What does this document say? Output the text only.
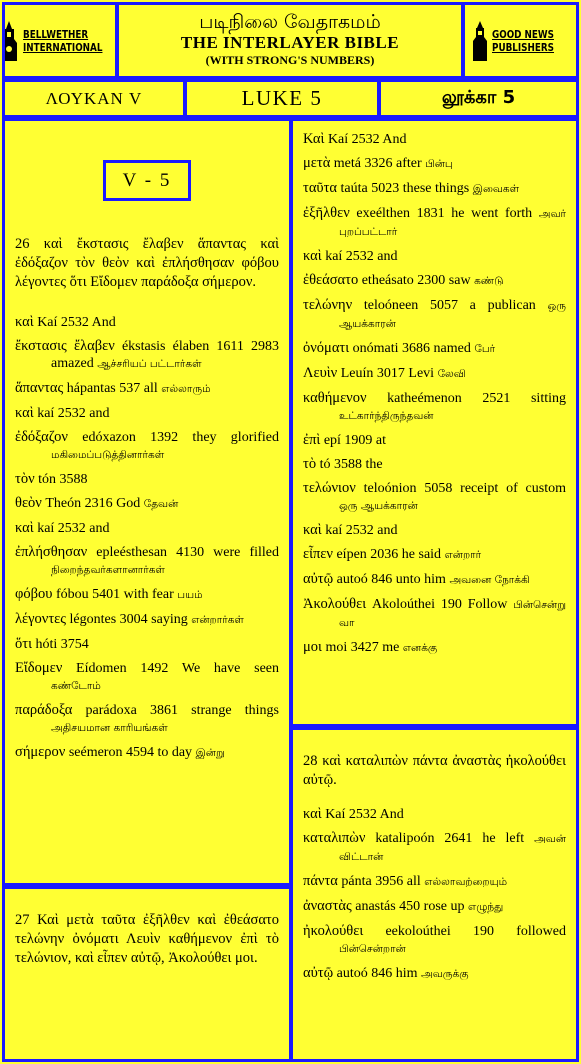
BELLWETHER
INTERNATIONAL
படிநிலை வேதாகமம்
THE INTERLAYER BIBLE
(WITH STRONG'S NUMBERS)
GOOD NEWS
PUBLISHERS
ΛΟΥΚΑΝ V	LUKE 5	லூக்கா 5
V - 5

26 καὶ ἔκστασις ἔλαβεν ἅπαντας καὶ ἐδόξαζον τὸν θεὸν καὶ ἐπλήσθησαν φόβου λέγοντες ὅτι Εἴδομεν παράδοξα σήμερον.

καὶ Kaí 2532 And
ἔκστασις ἔλαβεν ékstasis élaben 1611 2983 amazed ஆச்சரியப் பட்டார்கள்
ἅπαντας hápantas 537 all எல்லாரும்
καὶ kaí 2532 and
ἐδόξαζον edóxazon 1392 they glorified மகிமைப்படுத்தினார்கள்
τὸν tón 3588
θεὸν Theón 2316 God தேவன்
καὶ kaí 2532 and
ἐπλήσθησαν epleésthesan 4130 were filled நிறைந்தவர்களானார்கள்
φόβου fóbou 5401 with fear பயம்
λέγοντες légontes 3004 saying என்றார்கள்
ὅτι hóti 3754
Εἴδομεν Eídomen 1492 We have seen கண்டோம்
παράδοξα parádoxa 3861 strange things அதிசயமான காரியங்கள்
σήμερον seémeron 4594 to day இன்று

27 Καὶ μετὰ ταῦτα ἐξῆλθεν καὶ ἐθεάσατο τελώνην ὀνόματι Λευὶν καθήμενον ἐπὶ τὸ τελώνιον, καὶ εἶπεν αὐτῷ, Ἀκολούθει μοι.

Καὶ Kaí 2532 And
μετὰ metá 3326 after பின்பு
ταῦτα taúta 5023 these things இவைகள்
ἐξῆλθεν exeélthen 1831 he went forth அவர் புறப்பட்டார்
καὶ kaí 2532 and
ἐθεάσατο etheásato 2300 saw கண்டு
τελώνην teloóneen 5057 a publican ஒரு ஆயக்காரன்
ὀνόματι onómati 3686 named பேர்
Λευὶν Leuín 3017 Levi லேவி
καθήμενον katheémenon 2521 sitting உட்கார்ந்திருந்தவன்
ἐπὶ epí 1909 at
τὸ tó 3588 the
τελώνιον teloónion 5058 receipt of custom ஒரு ஆயக்காரன்
καὶ kaí 2532 and
εἶπεν eípen 2036 he said என்றார்
αὐτῷ autoó 846 unto him அவனை நோக்கி
Ἀκολούθει Akoloúthei 190 Follow பின்சென்று வா
μοι moi 3427 me எனக்கு

28 καὶ καταλιπὼν πάντα ἀναστὰς ἠκολούθει αὐτῷ.

καὶ Kaí 2532 And
καταλιπὼν katalipoón 2641 he left அவன் விட்டான்
πάντα pánta 3956 all எல்லாவற்றையும்
ἀναστὰς anastás 450 rose up எழுந்து
ἠκολούθει eekoloúthei 190 followed பின்சென்றான்
αὐτῷ autoó 846 him அவருக்கு
